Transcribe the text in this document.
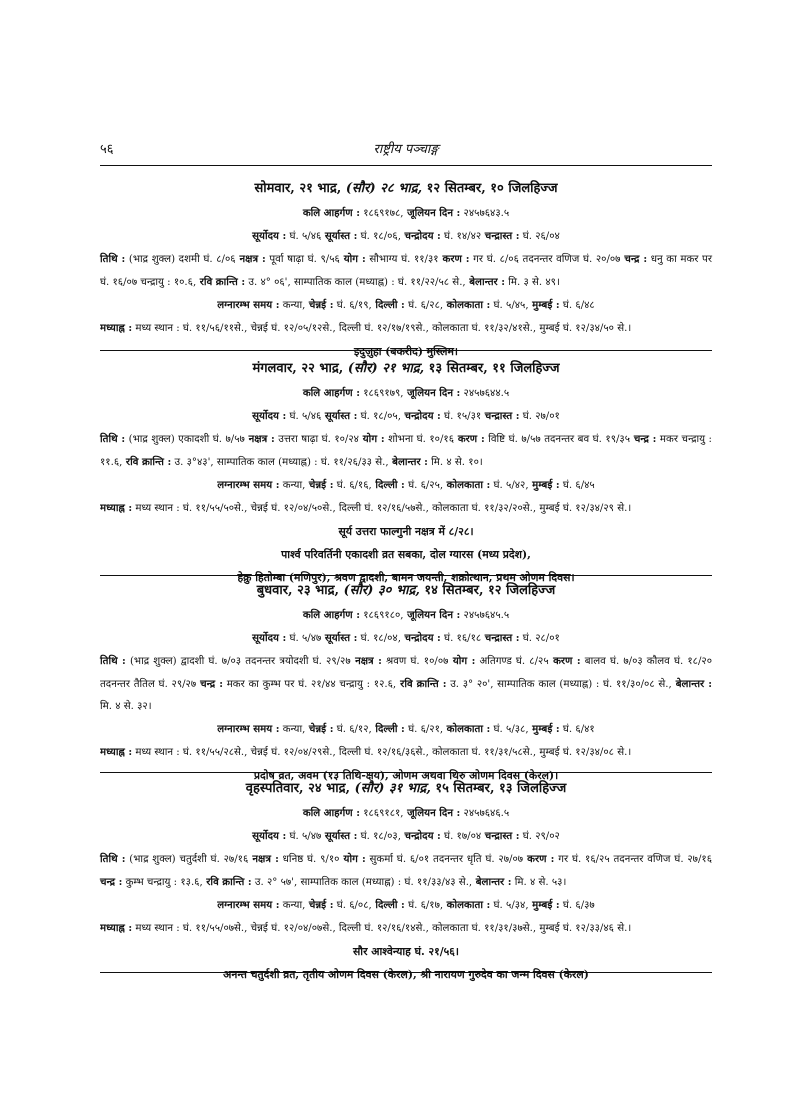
५६	राष्ट्रीय पञ्चाङ्ग
सोमवार, २१ भाद्र, (सौर) २८ भाद्र, १२ सितम्बर, १० जिलहिज्ज
कलि आहर्गण : १८६९१७८, जूलियन दिन : २४५७६४३.५
सूर्योदय : घं. ५/४६ सूर्यास्त : घं. १८/०६, चन्द्रोदय : घं. १४/४२ चन्द्रास्त : घं. २६/०४
तिथि : (भाद्र शुक्ल) दशमी घं. ८/०६ नक्षत्र : पूर्वा षाढ़ा घं. ९/५६ योग : सौभाग्य घं. ११/३१ करण : गर घं. ८/०६ तदनन्तर वणिज घं. २०/०७ चन्द्र : धनु का मकर पर घं. १६/०७ चन्द्रायु : १०.६, रवि क्रान्ति : उ. ४° ०६', साम्पातिक काल (मध्याह्न) : घं. ११/२२/५८ से., बेलान्तर : मि. ३ से. ४९।
लग्नारम्भ समय : कन्या, चेन्नई : घं. ६/१९, दिल्ली : घं. ६/२८, कोलकाता : घं. ५/४५, मुम्बई : घं. ६/४८
मध्याह्न : मध्य स्थान : घं. ११/५६/११से., चेन्नई घं. १२/०५/१२से., दिल्ली घं. १२/१७/१९से., कोलकाता घं. ११/३२/४१से., मुम्बई घं. १२/३४/५० से.।
इदुज़ुहा (बकरीद) मुस्लिम।
मंगलवार, २२ भाद्र, (सौर) २१ भाद्र, १३ सितम्बर, ११ जिलहिज्ज
कलि आहर्गण : १८६९१७९, जूलियन दिन : २४५७६४४.५
सूर्योदय : घं. ५/४६ सूर्यास्त : घं. १८/०५, चन्द्रोदय : घं. १५/३१ चन्द्रास्त : घं. २७/०१
तिथि : (भाद्र शुक्ल) एकादशी घं. ७/५७ नक्षत्र : उत्तरा षाढ़ा घं. १०/२४ योग : शोभना घं. १०/१६ करण : विष्टि घं. ७/५७ तदनन्तर बव घं. १९/३५ चन्द्र : मकर चन्द्रायु : ११.६, रवि क्रान्ति : उ. ३°४३', साम्पातिक काल (मध्याह्न) : घं. ११/२६/३३ से., बेलान्तर : मि. ४ से. १०।
लग्नारम्भ समय : कन्या, चेन्नई : घं. ६/१६, दिल्ली : घं. ६/२५, कोलकाता : घं. ५/४२, मुम्बई : घं. ६/४५
मध्याह्न : मध्य स्थान : घं. ११/५५/५०से., चेन्नई घं. १२/०४/५०से., दिल्ली घं. १२/१६/५७से., कोलकाता घं. ११/३२/२०से., मुम्बई घं. १२/३४/२९ से.।
सूर्य उत्तरा फाल्गुनी नक्षत्र में ८/२८।
पार्श्व परिवर्तिनी एकादशी व्रत सबका, दोल ग्यारस (मध्य प्रदेश),
हेक्रु हितोम्बा (मणिपुर), श्रवण द्वादशी, बामन जयन्ती, शक्रोत्थान, प्रथम ओणम दिवस।
बुधवार, २३ भाद्र, (सौर) ३० भाद्र, १४ सितम्बर, १२ जिलहिज्ज
कलि आहर्गण : १८६९१८०, जूलियन दिन : २४५७६४५.५
सूर्योदय : घं. ५/४७ सूर्यास्त : घं. १८/०४, चन्द्रोदय : घं. १६/१८ चन्द्रास्त : घं. २८/०१
तिथि : (भाद्र शुक्ल) द्वादशी घं. ७/०३ तदनन्तर त्रयोदशी घं. २९/२७ नक्षत्र : श्रवण घं. १०/०७ योग : अतिगण्ड घं. ८/२५ करण : बालव घं. ७/०३ कौलव घं. १८/२० तदनन्तर तैतिल घं. २९/२७ चन्द्र : मकर का कुम्भ पर घं. २१/४४ चन्द्रायु : १२.६, रवि क्रान्ति : उ. ३° २०', साम्पातिक काल (मध्याह्न) : घं. ११/३०/०८ से., बेलान्तर : मि. ४ से. ३२।
लग्नारम्भ समय : कन्या, चेन्नई : घं. ६/१२, दिल्ली : घं. ६/२१, कोलकाता : घं. ५/३८, मुम्बई : घं. ६/४१
मध्याह्न : मध्य स्थान : घं. ११/५५/२८से., चेन्नई घं. १२/०४/२९से., दिल्ली घं. १२/१६/३६से., कोलकाता घं. ११/३१/५८से., मुम्बई घं. १२/३४/०८ से.।
प्रदोष व्रत, अवम (१३ तिथि-क्षय), ओणम अथवा थिरु ओणम दिवस (केरल)।
वृहस्पतिवार, २४ भाद्र, (सौर) ३१ भाद्र, १५ सितम्बर, १३ जिलहिज्ज
कलि आहर्गण : १८६९१८१, जूलियन दिन : २४५७६४६.५
सूर्योदय : घं. ५/४७ सूर्यास्त : घं. १८/०३, चन्द्रोदय : घं. १७/०४ चन्द्रास्त : घं. २९/०२
तिथि : (भाद्र शुक्ल) चतुर्दशी घं. २७/१६ नक्षत्र : धनिष्ठ घं. ९/१० योग : सुकर्मा घं. ६/०१ तदनन्तर धृति घं. २७/०७ करण : गर घं. १६/२५ तदनन्तर वणिज घं. २७/१६ चन्द्र : कुम्भ चन्द्रायु : १३.६, रवि क्रान्ति : उ. २° ५७', साम्पातिक काल (मध्याह्न) : घं. ११/३३/४३ से., बेलान्तर : मि. ४ से. ५३।
लग्नारम्भ समय : कन्या, चेन्नई : घं. ६/०८, दिल्ली : घं. ६/१७, कोलकाता : घं. ५/३४, मुम्बई : घं. ६/३७
मध्याह्न : मध्य स्थान : घं. ११/५५/०७से., चेन्नई घं. १२/०४/०७से., दिल्ली घं. १२/१६/१४से., कोलकाता घं. ११/३१/३७से., मुम्बई घं. १२/३३/४६ से.।
सौर आश्वेन्याह घं. २१/५६।
अनन्त चतुर्दशी व्रत, तृतीय ओणम दिवस (केरल), श्री नारायण गुरुदेव का जन्म दिवस (केरल)
